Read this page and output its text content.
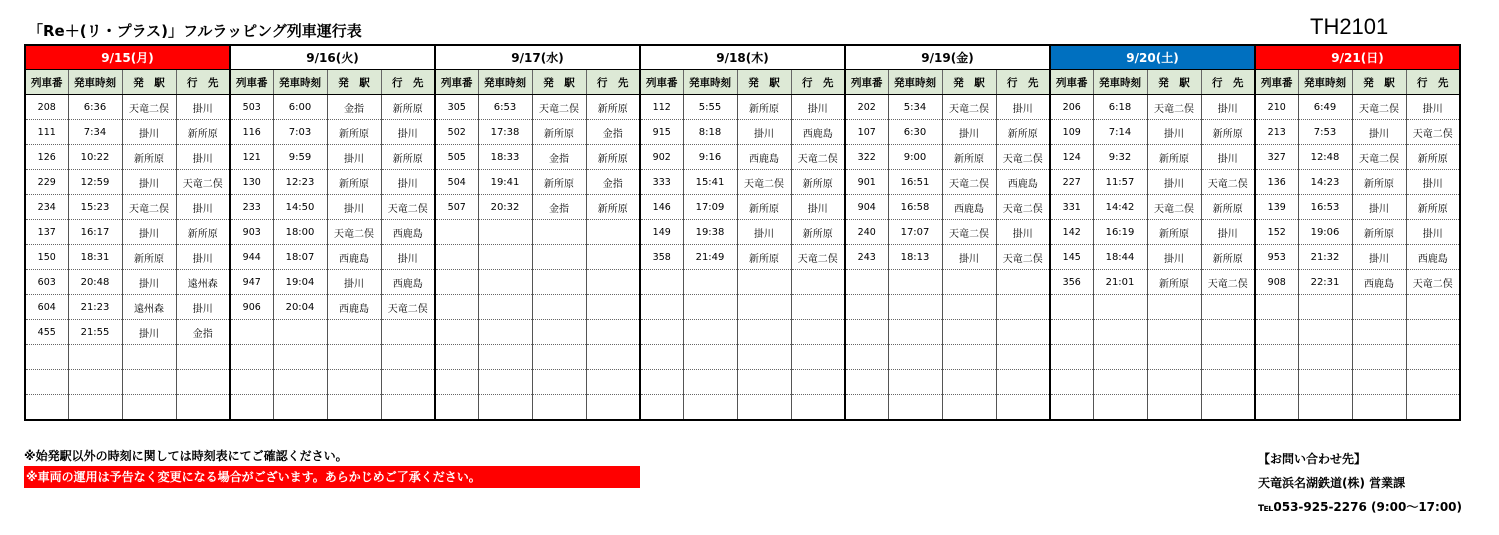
「Re＋(リ・プラス)」フルラッピング列車運行表	TH2101
9/15(月)				9/16(火)				9/17(水)				9/18(木)				9/19(金)				9/20(土)				9/21(日)			
列車番	発車時刻	発　駅	行　先	列車番	発車時刻	発　駅	行　先	列車番	発車時刻	発　駅	行　先	列車番	発車時刻	発　駅	行　先	列車番	発車時刻	発　駅	行　先	列車番	発車時刻	発　駅	行　先	列車番	発車時刻	発　駅	行　先
208	6:36	天竜二俣	掛川	503	6:00	金指	新所原	305	6:53	天竜二俣	新所原	112	5:55	新所原	掛川	202	5:34	天竜二俣	掛川	206	6:18	天竜二俣	掛川	210	6:49	天竜二俣	掛川
111	7:34	掛川	新所原	116	7:03	新所原	掛川	502	17:38	新所原	金指	915	8:18	掛川	西鹿島	107	6:30	掛川	新所原	109	7:14	掛川	新所原	213	7:53	掛川	天竜二俣
126	10:22	新所原	掛川	121	9:59	掛川	新所原	505	18:33	金指	新所原	902	9:16	西鹿島	天竜二俣	322	9:00	新所原	天竜二俣	124	9:32	新所原	掛川	327	12:48	天竜二俣	新所原
229	12:59	掛川	天竜二俣	130	12:23	新所原	掛川	504	19:41	新所原	金指	333	15:41	天竜二俣	新所原	901	16:51	天竜二俣	西鹿島	227	11:57	掛川	天竜二俣	136	14:23	新所原	掛川
234	15:23	天竜二俣	掛川	233	14:50	掛川	天竜二俣	507	20:32	金指	新所原	146	17:09	新所原	掛川	904	16:58	西鹿島	天竜二俣	331	14:42	天竜二俣	新所原	139	16:53	掛川	新所原
137	16:17	掛川	新所原	903	18:00	天竜二俣	西鹿島					149	19:38	掛川	新所原	240	17:07	天竜二俣	掛川	142	16:19	新所原	掛川	152	19:06	新所原	掛川
150	18:31	新所原	掛川	944	18:07	西鹿島	掛川					358	21:49	新所原	天竜二俣	243	18:13	掛川	天竜二俣	145	18:44	掛川	新所原	953	21:32	掛川	西鹿島
603	20:48	掛川	遠州森	947	19:04	掛川	西鹿島													356	21:01	新所原	天竜二俣	908	22:31	西鹿島	天竜二俣
604	21:23	遠州森	掛川	906	20:04	西鹿島	天竜二俣																				
455	21:55	掛川	金指																								

※始発駅以外の時刻に関しては時刻表にてご確認ください。
※車両の運用は予告なく変更になる場合がございます。あらかじめご了承ください。
【お問い合わせ先】
天竜浜名湖鉄道(株) 営業課
℡053-925-2276 (9:00～17:00)
